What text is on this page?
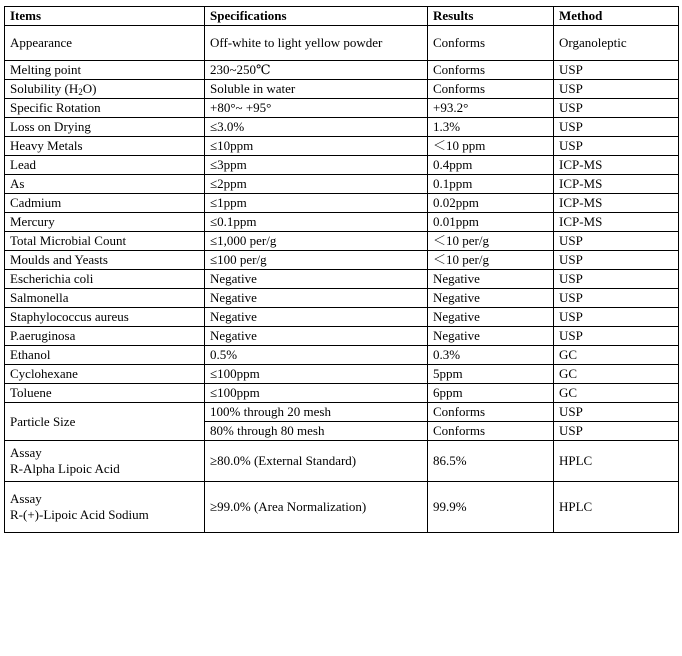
Items	Specifications	Results	Method
Appearance	Off-white to light yellow powder	Conforms	Organoleptic
Melting point	230~250℃	Conforms	USP
Solubility $(H_2O)$	Soluble in water	Conforms	USP
Specific Rotation	+80°~ +95°	+93.2°	USP
Loss on Drying	≤3.0%	1.3%	USP
Heavy Metals	≤10ppm	＜10 ppm	USP
Lead	≤3ppm	0.4ppm	ICP-MS
As	≤2ppm	0.1ppm	ICP-MS
Cadmium	≤1ppm	0.02ppm	ICP-MS
Mercury	≤0.1ppm	0.01ppm	ICP-MS
Total Microbial Count	≤1,000 per/g	＜10 per/g	USP
Moulds and Yeasts	≤100 per/g	＜10 per/g	USP
Escherichia coli	Negative	Negative	USP
Salmonella	Negative	Negative	USP
Staphylococcus aureus	Negative	Negative	USP
P.aeruginosa	Negative	Negative	USP
Ethanol	0.5%	0.3%	GC
Cyclohexane	≤100ppm	5ppm	GC
Toluene	≤100ppm	6ppm	GC
Particle Size	100% through 20 mesh	Conforms	USP
	80% through 80 mesh	Conforms	USP

Assay
R-Alpha Lipoic Acid	≥80.0% (External Standard)	86.5%	HPLC

Assay
R-(+)-Lipoic Acid Sodium	≥99.0% (Area Normalization)	99.9%	HPLC
